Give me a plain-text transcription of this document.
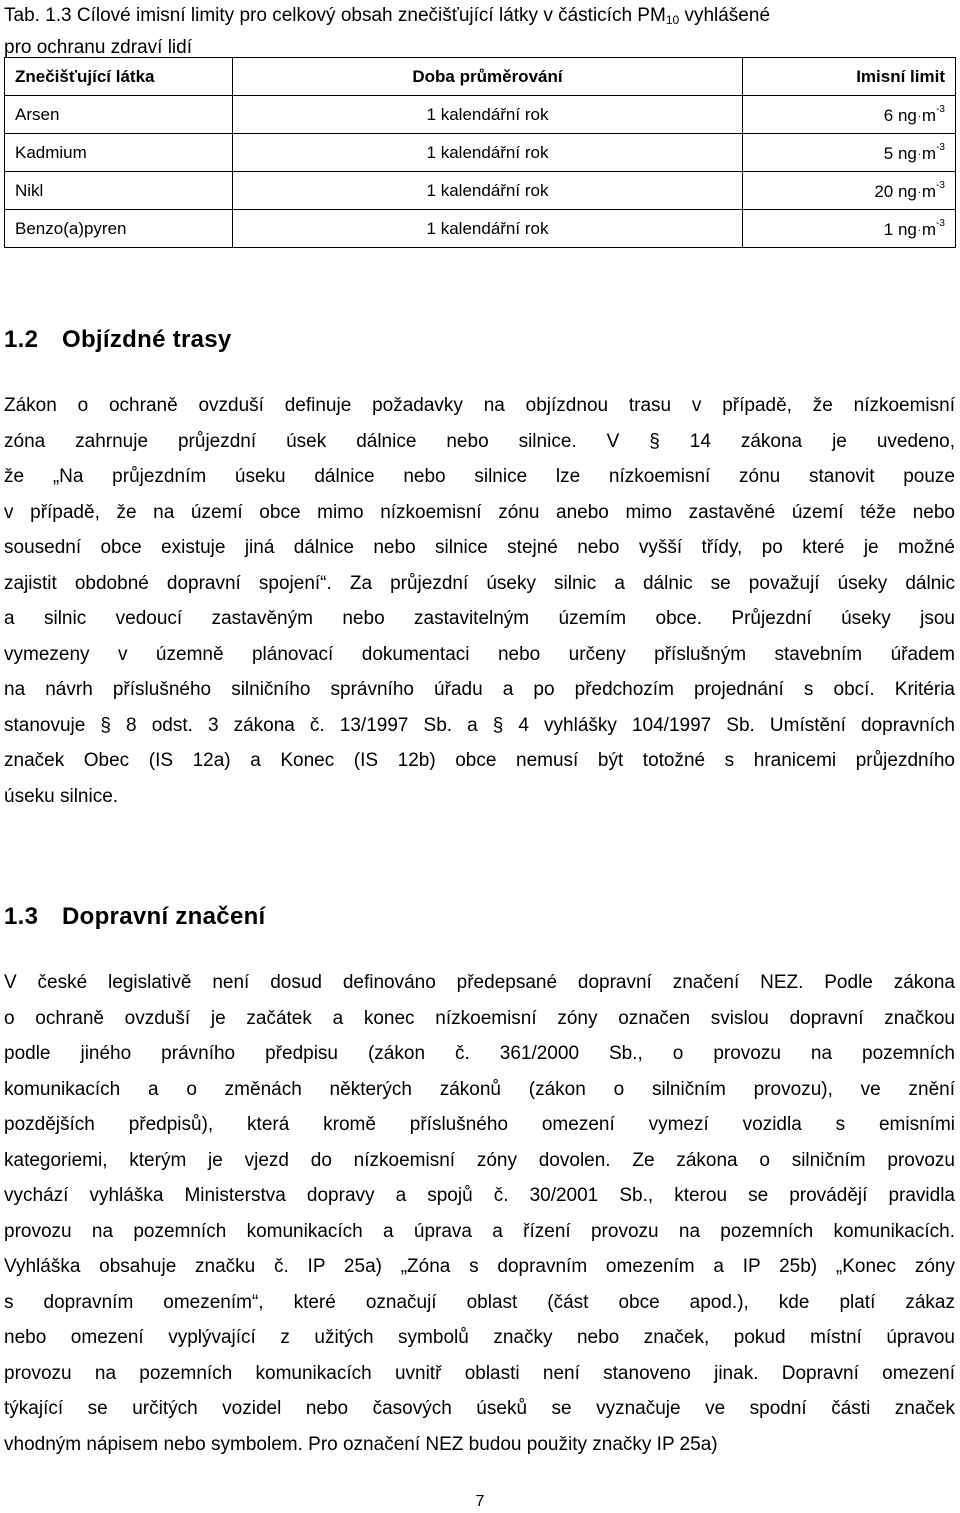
Tab. 1.3 Cílové imisní limity pro celkový obsah znečišťující látky v částicích $PM_{10}$ vyhlášené
pro ochranu zdraví lidí
Znečišťující látka	Doba průměrování	Imisní limit
Arsen	1 kalendářní rok	6 $ng^.m^{-3}$
Kadmium	1 kalendářní rok	5 $ng^.m^{-3}$
Nikl	1 kalendářní rok	20 $ng^.m^{-3}$
Benzo(a)pyren	1 kalendářní rok	1 $ng^.m^{-3}$
1.2 Objízdné trasy
Zákon o ochraně ovzduší definuje požadavky na objízdnou trasu v případě, že nízkoemisní
zóna zahrnuje průjezdní úsek dálnice nebo silnice. V § 14 zákona je uvedeno,
že „Na průjezdním úseku dálnice nebo silnice lze nízkoemisní zónu stanovit pouze
v případě, že na území obce mimo nízkoemisní zónu anebo mimo zastavěné území téže nebo
sousední obce existuje jiná dálnice nebo silnice stejné nebo vyšší třídy, po které je možné
zajistit obdobné dopravní spojení“. Za průjezdní úseky silnic a dálnic se považují úseky dálnic
a silnic vedoucí zastavěným nebo zastavitelným územím obce. Průjezdní úseky jsou
vymezeny v územně plánovací dokumentaci nebo určeny příslušným stavebním úřadem
na návrh příslušného silničního správního úřadu a po předchozím projednání s obcí. Kritéria
stanovuje § 8 odst. 3 zákona č. 13/1997 Sb. a § 4 vyhlášky 104/1997 Sb. Umístění dopravních
značek Obec (IS 12a) a Konec (IS 12b) obce nemusí být totožné s hranicemi průjezdního
úseku silnice.
1.3 Dopravní značení
V české legislativě není dosud definováno předepsané dopravní značení NEZ. Podle zákona
o ochraně ovzduší je začátek a konec nízkoemisní zóny označen svislou dopravní značkou
podle jiného právního předpisu (zákon č. 361/2000 Sb., o provozu na pozemních
komunikacích a o změnách některých zákonů (zákon o silničním provozu), ve znění
pozdějších předpisů), která kromě příslušného omezení vymezí vozidla s emisními
kategoriemi, kterým je vjezd do nízkoemisní zóny dovolen. Ze zákona o silničním provozu
vychází vyhláška Ministerstva dopravy a spojů č. 30/2001 Sb., kterou se provádějí pravidla
provozu na pozemních komunikacích a úprava a řízení provozu na pozemních komunikacích.
Vyhláška obsahuje značku č. IP 25a) „Zóna s dopravním omezením a IP 25b) „Konec zóny
s dopravním omezením“, které označují oblast (část obce apod.), kde platí zákaz
nebo omezení vyplývající z užitých symbolů značky nebo značek, pokud místní úpravou
provozu na pozemních komunikacích uvnitř oblasti není stanoveno jinak. Dopravní omezení
týkající se určitých vozidel nebo časových úseků se vyznačuje ve spodní části značek
vhodným nápisem nebo symbolem. Pro označení NEZ budou použity značky IP 25a)
7
